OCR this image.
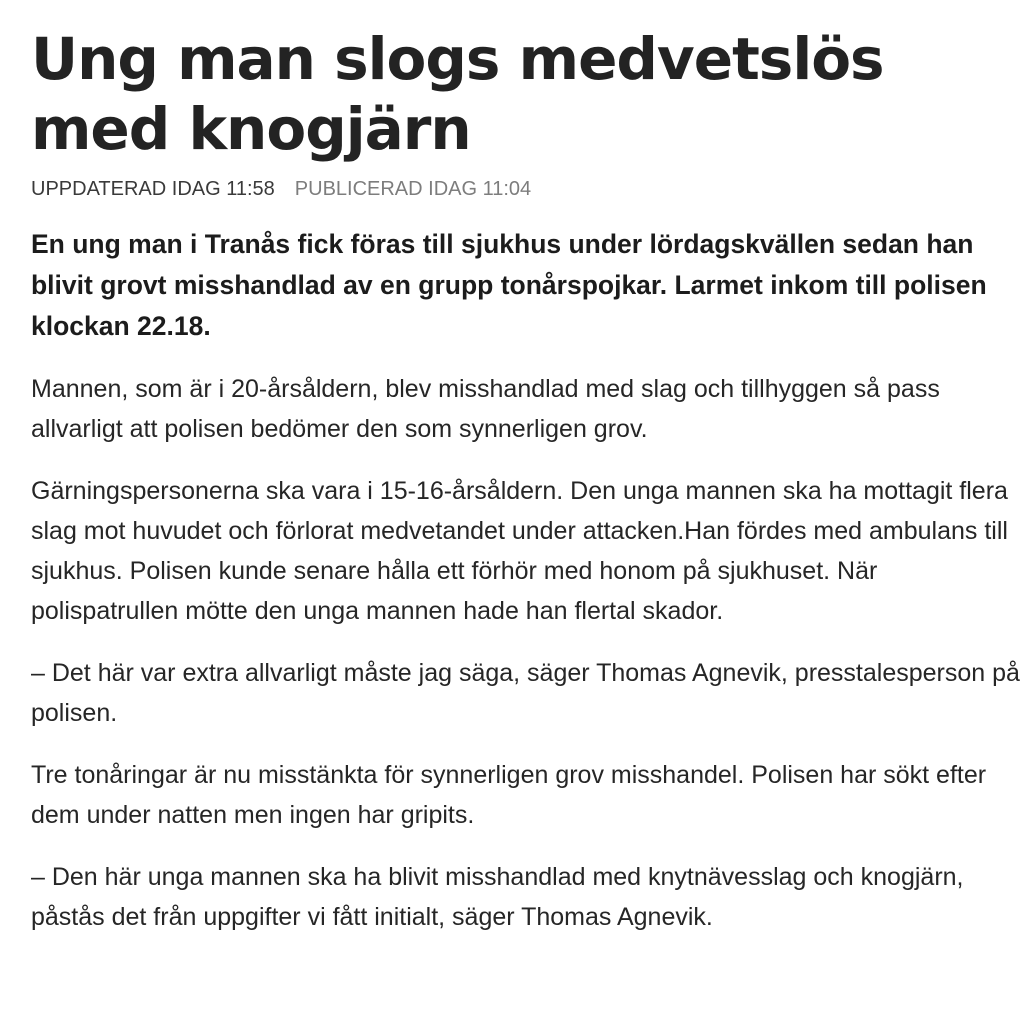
Ung man slogs medvetslös med knogjärn
UPPDATERAD IDAG 11:58 PUBLICERAD IDAG 11:04

En ung man i Tranås fick föras till sjukhus under lördagskvällen sedan han blivit grovt misshandlad av en grupp tonårspojkar. Larmet inkom till polisen klockan 22.18.

Mannen, som är i 20-årsåldern, blev misshandlad med slag och tillhyggen så pass allvarligt att polisen bedömer den som synnerligen grov.

Gärningspersonerna ska vara i 15-16-årsåldern. Den unga mannen ska ha mottagit flera slag mot huvudet och förlorat medvetandet under attacken.Han fördes med ambulans till sjukhus. Polisen kunde senare hålla ett förhör med honom på sjukhuset. När polispatrullen mötte den unga mannen hade han flertal skador.

– Det här var extra allvarligt måste jag säga, säger Thomas Agnevik, presstalesperson på polisen.

Tre tonåringar är nu misstänkta för synnerligen grov misshandel. Polisen har sökt efter dem under natten men ingen har gripits.

– Den här unga mannen ska ha blivit misshandlad med knytnävesslag och knogjärn, påstås det från uppgifter vi fått initialt, säger Thomas Agnevik.
